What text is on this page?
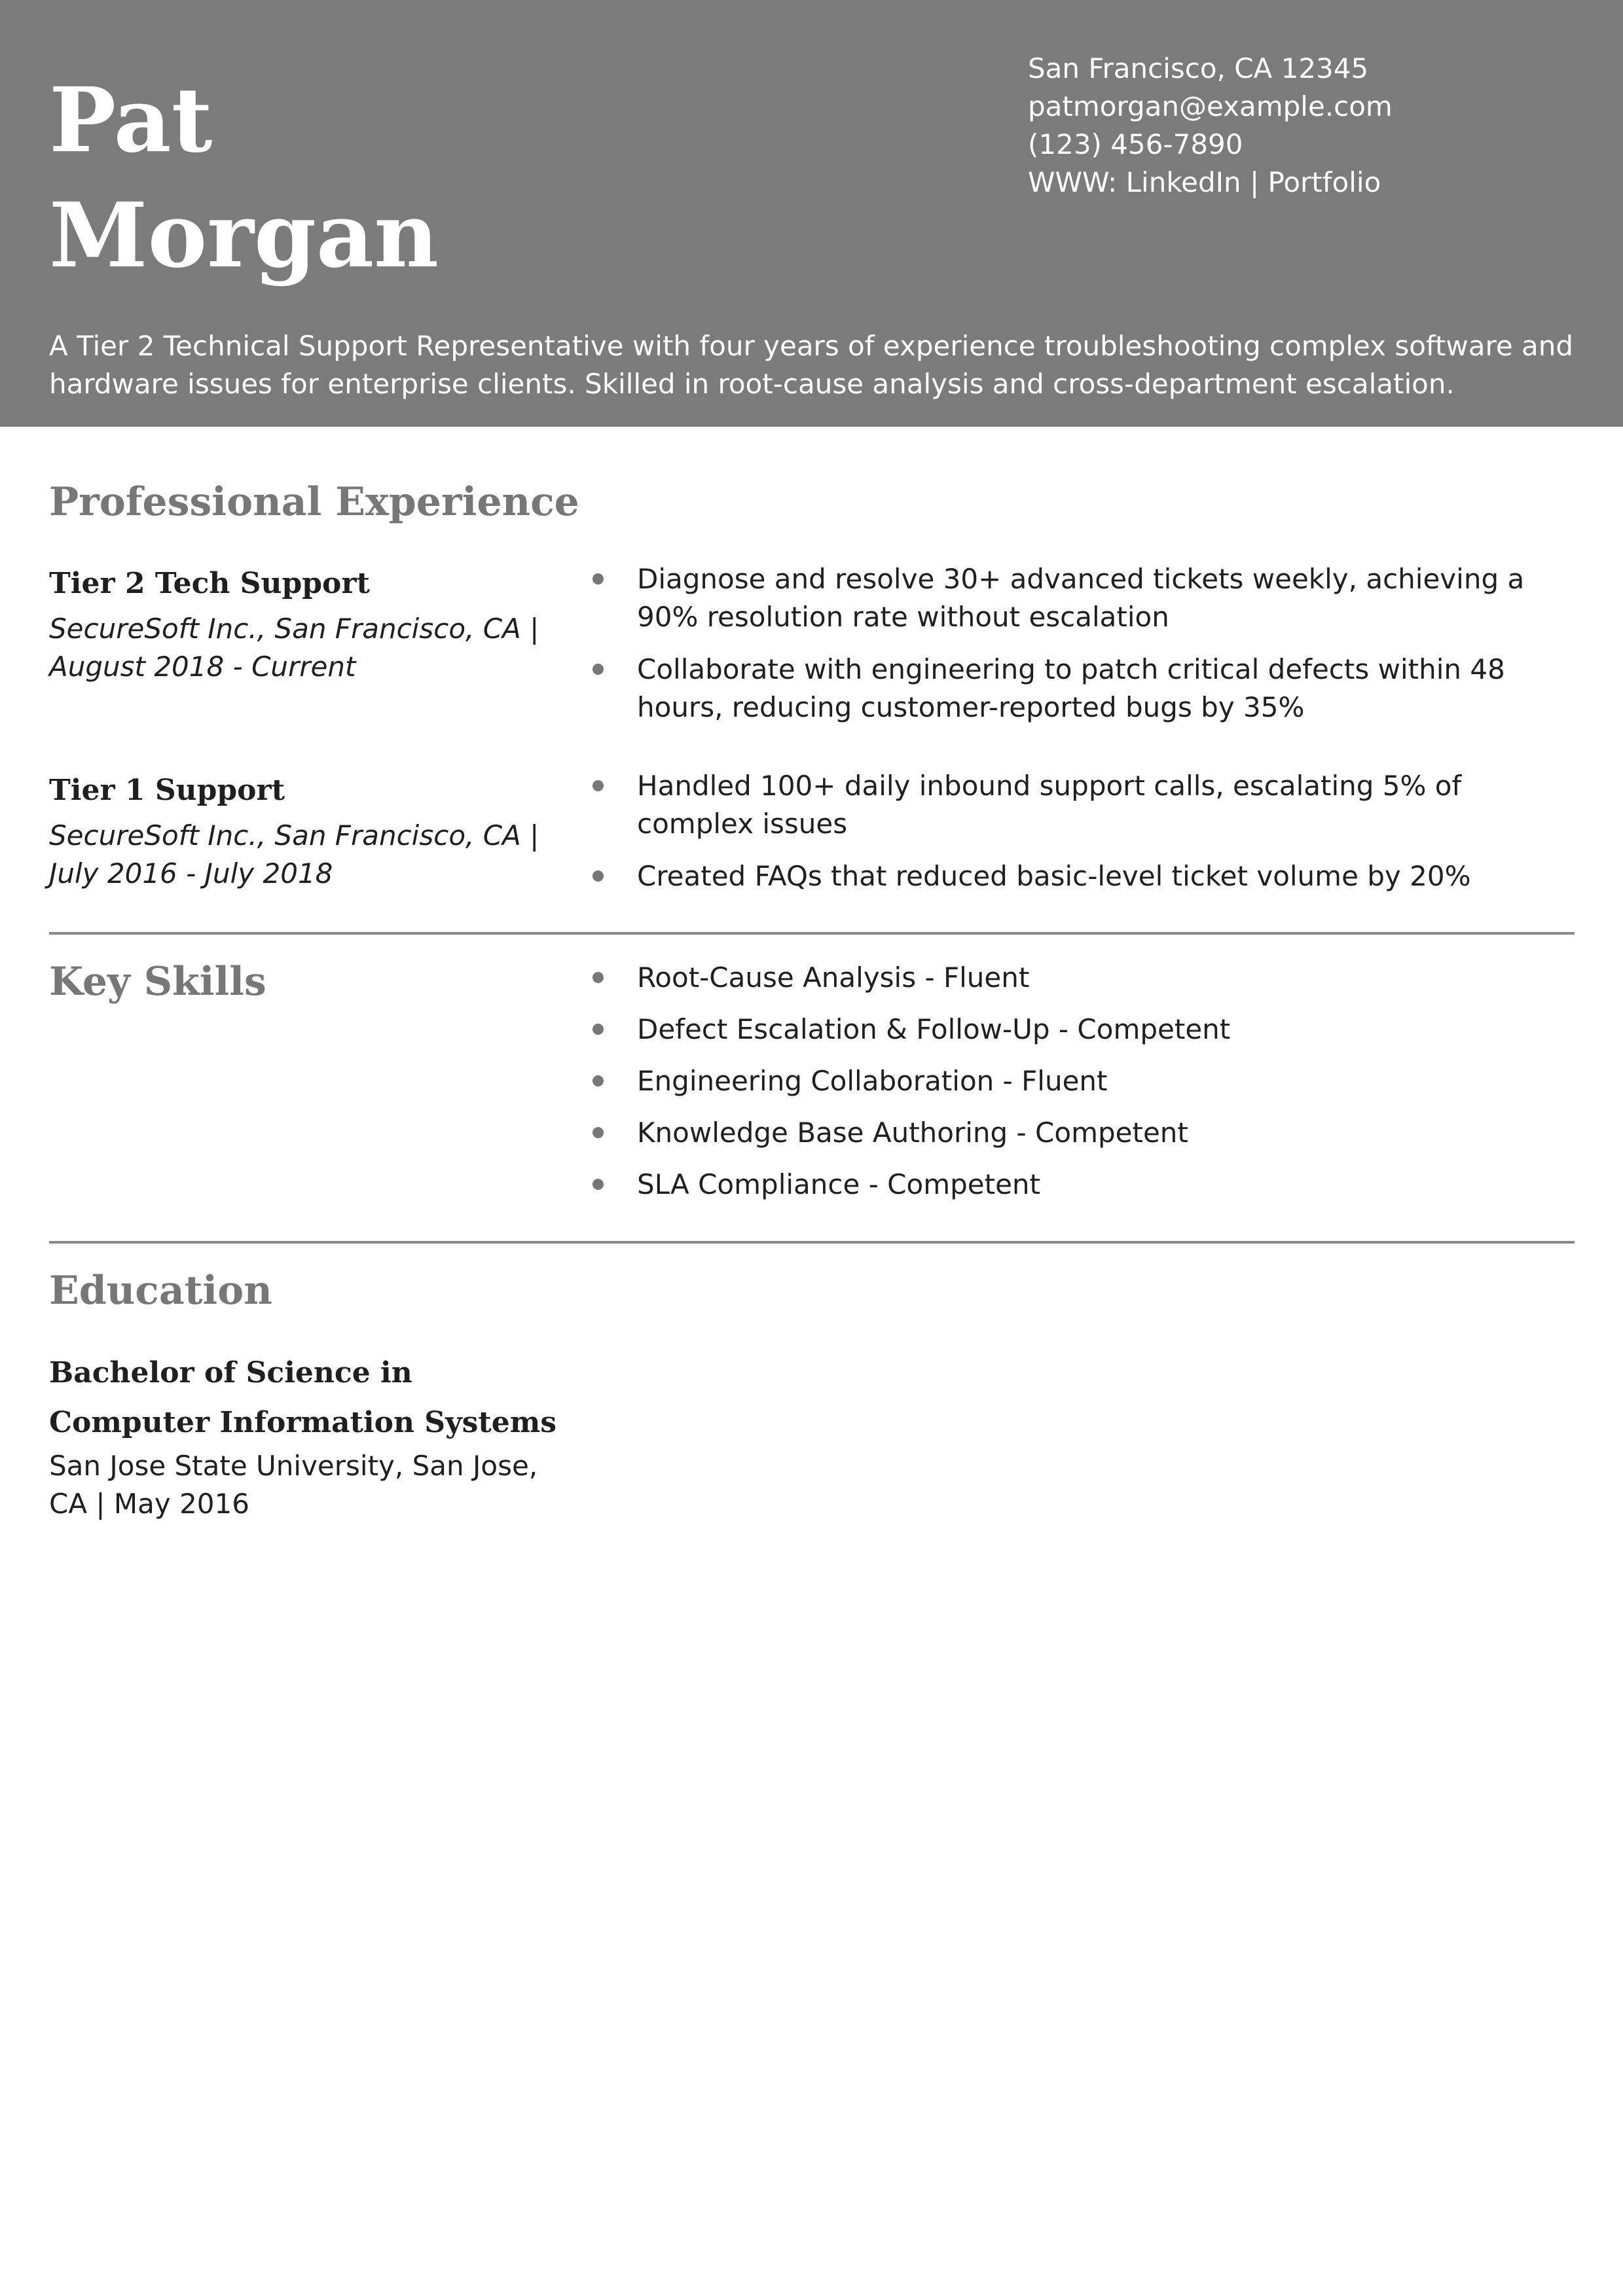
Pat
Morgan
San Francisco, CA 12345
patmorgan@example.com
(123) 456-7890
WWW: LinkedIn | Portfolio

A Tier 2 Technical Support Representative with four years of experience troubleshooting complex software and hardware issues for enterprise clients. Skilled in root-cause analysis and cross-department escalation.

Professional Experience
Tier 2 Tech Support
SecureSoft Inc., San Francisco, CA |
August 2018 - Current
Diagnose and resolve 30+ advanced tickets weekly, achieving a 90% resolution rate without escalation
Collaborate with engineering to patch critical defects within 48 hours, reducing customer-reported bugs by 35%
Tier 1 Support
SecureSoft Inc., San Francisco, CA |
July 2016 - July 2018
Handled 100+ daily inbound support calls, escalating 5% of complex issues
Created FAQs that reduced basic-level ticket volume by 20%
Key Skills	Root-Cause Analysis - Fluent
Defect Escalation & Follow-Up - Competent
Engineering Collaboration - Fluent
Knowledge Base Authoring - Competent
SLA Compliance - Competent
Education
Bachelor of Science in Computer Information Systems
San Jose State University, San Jose, CA | May 2016
